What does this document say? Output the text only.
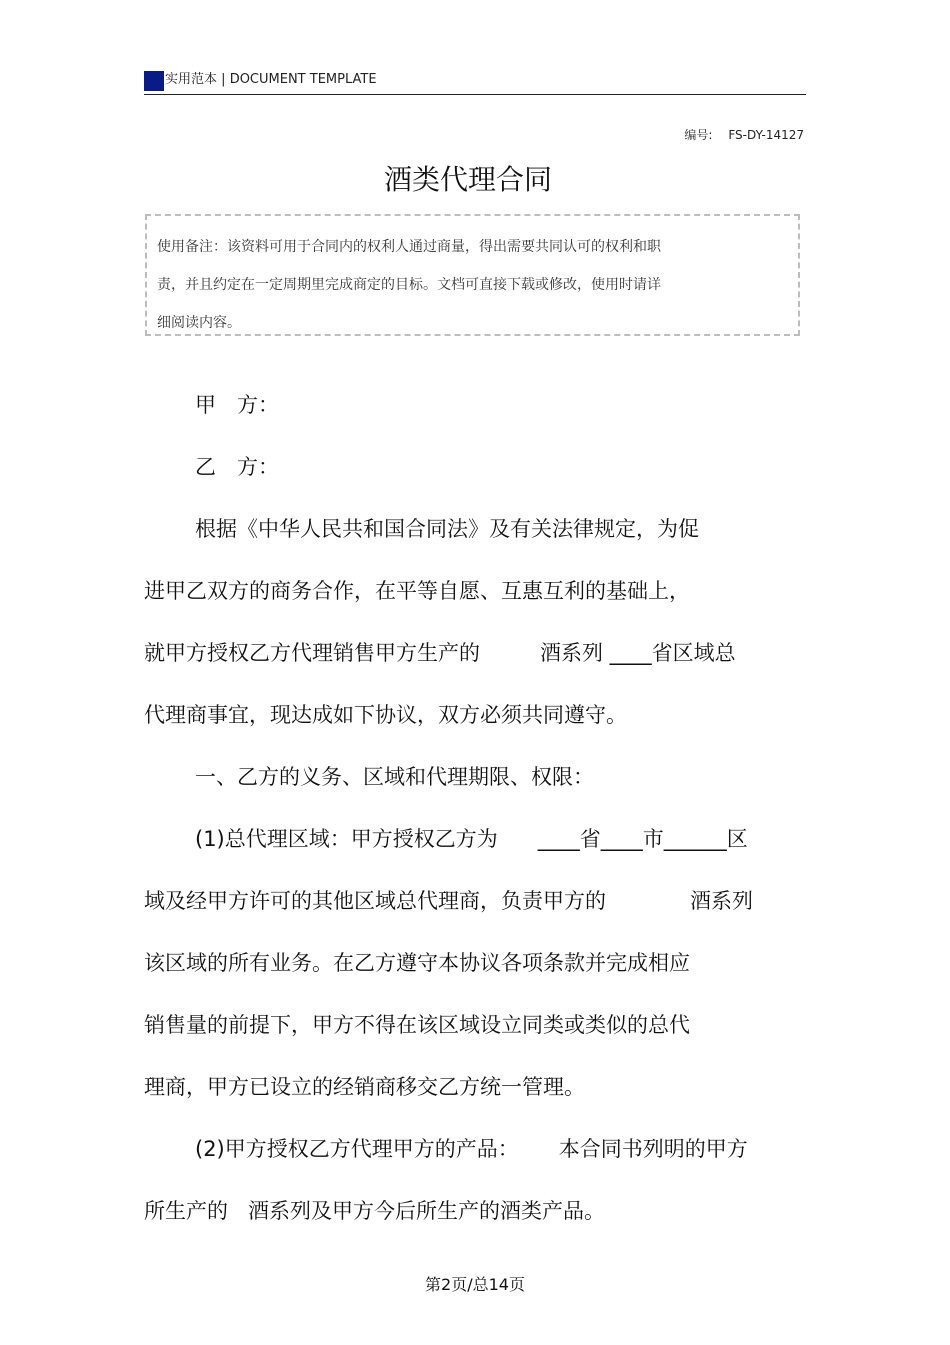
实用范本 | DOCUMENT TEMPLATE
编号: FS-DY-14127
酒类代理合同
使用备注：该资料可用于合同内的权利人通过商量，得出需要共同认可的权利和职
责，并且约定在一定周期里完成商定的目标。文档可直接下载或修改，使用时请详
细阅读内容。
甲　方：
乙　方：
根据《中华人民共和国合同法》及有关法律规定，为促
进甲乙双方的商务合作，在平等自愿、互惠互利的基础上，
就甲方授权乙方代理销售甲方生产的	酒系列 ____省区域总
代理商事宜，现达成如下协议，双方必须共同遵守。
一、乙方的义务、区域和代理期限、权限：
(1)总代理区域：甲方授权乙方为 ____省____市______区
域及经甲方许可的其他区域总代理商，负责甲方的	酒系列
该区域的所有业务。在乙方遵守本协议各项条款并完成相应
销售量的前提下，甲方不得在该区域设立同类或类似的总代
理商，甲方已设立的经销商移交乙方统一管理。
(2)甲方授权乙方代理甲方的产品： 本合同书列明的甲方
所生产的 酒系列及甲方今后所生产的酒类产品。
第2页/总14页
